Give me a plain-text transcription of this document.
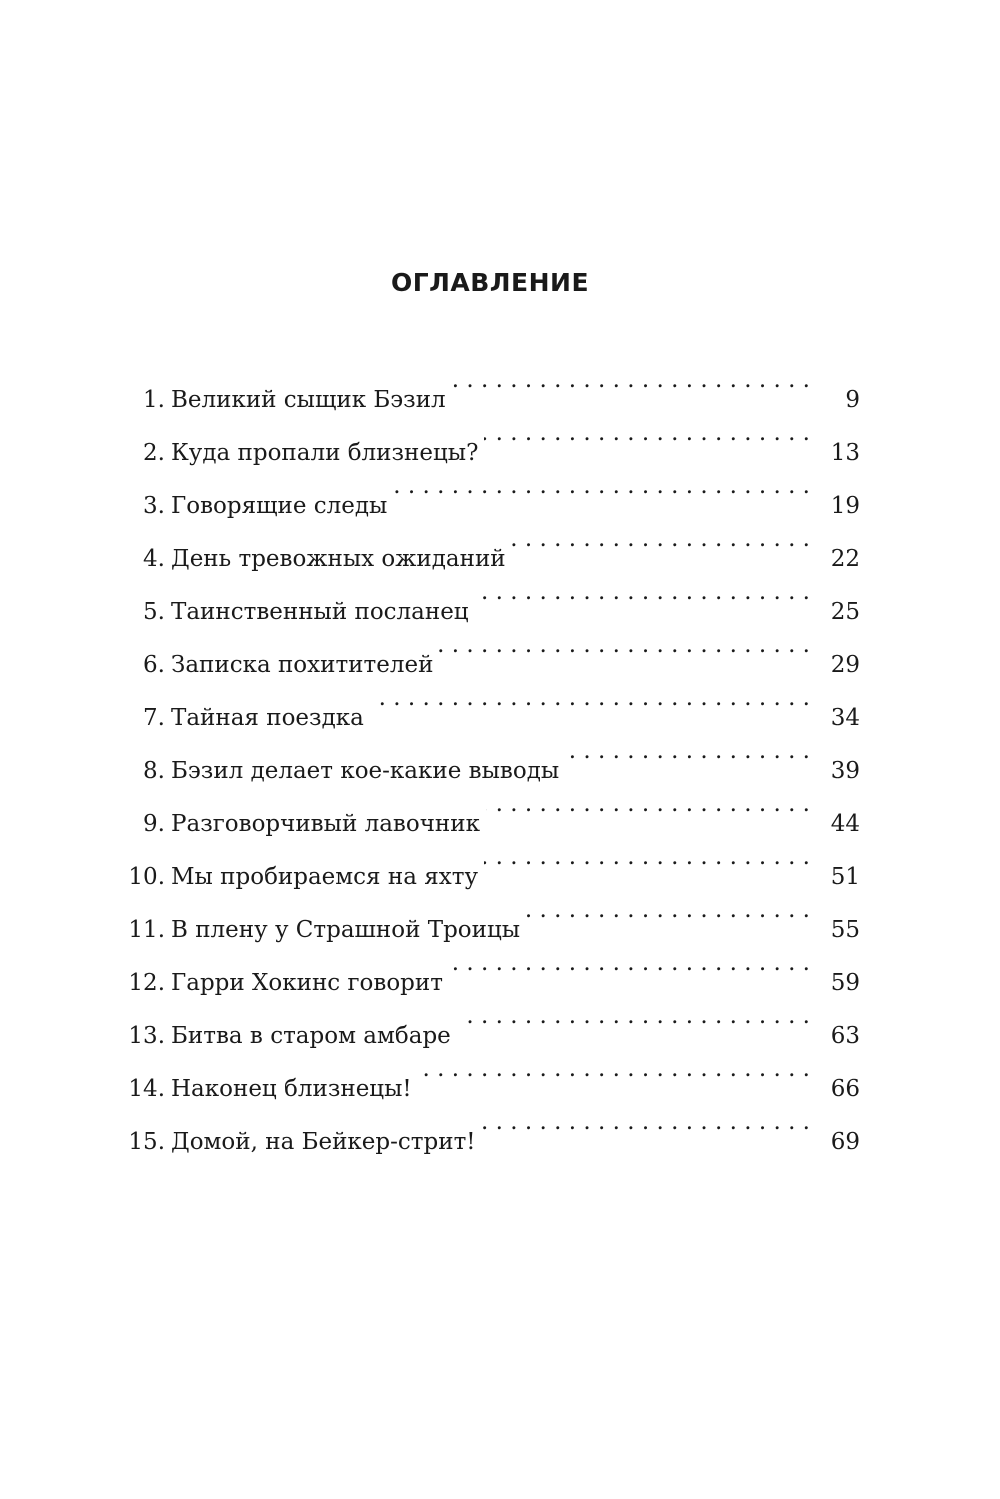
ОГЛАВЛЕНИЕ
1. Великий сыщик Бэзил . . .	9
2. Куда пропали близнецы? . . .	13
3. Говорящие следы . . .	19
4. День тревожных ожиданий . . .	22
5. Таинственный посланец . . .	25
6. Записка похитителей . . .	29
7. Тайная поездка . . .	34
8. Бэзил делает кое-какие выводы . . .	39
9. Разговорчивый лавочник . . .	44
10. Мы пробираемся на яхту . . .	51
11. В плену у Страшной Троицы . . .	55
12. Гарри Хокинс говорит . . .	59
13. Битва в старом амбаре . . .	63
14. Наконец близнецы! . . .	66
15. Домой, на Бейкер-стрит! . . .	69
